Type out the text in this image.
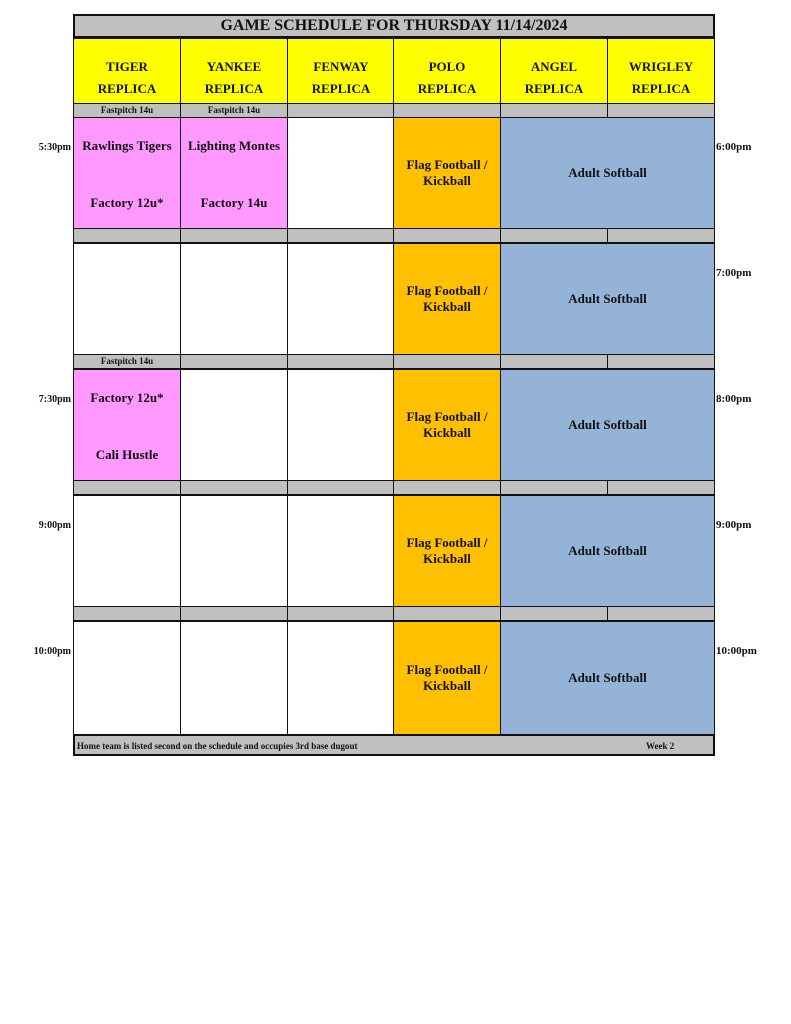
5:30pm
7:30pm
9:00pm
10:00pm
6:00pm
7:00pm
8:00pm
9:00pm
10:00pm
GAME SCHEDULE FOR THURSDAY 11/14/2024
TIGER
REPLICA
YANKEE
REPLICA
FENWAY
REPLICA
POLO
REPLICA
ANGEL
REPLICA
WRIGLEY
REPLICA
Fastpitch 14u	Fastpitch 14u
Rawlings Tigers
Factory 12u*
Lighting Montes
Factory 14u
Flag Football / Kickball
Adult Softball
Flag Football / Kickball
Adult Softball
Fastpitch 14u
Factory 12u*
Cali Hustle
Flag Football / Kickball
Adult Softball
Flag Football / Kickball
Adult Softball
Flag Football / Kickball
Adult Softball
Home team is listed second on the schedule and occupies 3rd base dugout	Week 2
